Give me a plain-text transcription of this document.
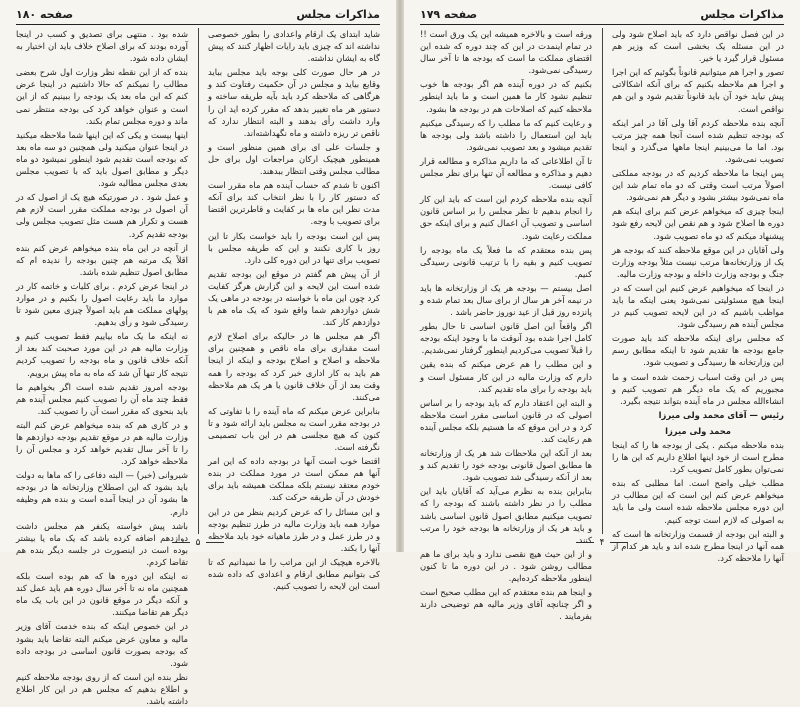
صفحه ۱۸۰	مذاکرات مجلس

شاید ابتدای یک ارقام واعدادی را بطور خصوصی نداشته اند که چیزی باید رایات اظهار کنند که پیش گاه به ایشان نداشته.

در هر حال صورت کلی بوجه باید مجلس بباید وقایع بیاید و مجلس در آن حکمیت رفتاوت کند و هرگاهی که ملاحظه کرد باید بآیه طریقه ساخته و دستور هر ماه تغییر بدهد که مقرر کرده اید ان را وارد داشت رأی بدهند و البته انتظار ندارد که ناقص تر ریزه داشته و ماه نگهداشته‌اند.

و جلسات علی ای برای همین منظور است و همینطور هیچیک ارکان مراجعات اول برای حل مطالب مجلس وقتی انتظار ببدهند.

اکنون تا شدم که حساب آینده هم ماه مقرر است که دستور کار را با نظر انتخاب کند برای آنکه مدت نظر این ماه ها بر کفایت و قاطرترین اقتضا برای تصویب با وجه.

پس این است بودجه را باید خواست بکار تا این روز با کاری نکنند و این که طریقه مجلس با تصویب برای تنها در این دوره کلی دارد.

از آن پیش هم گفتم در موقع این بودجه تقدیم شده است این لایحه و این گزارش هرگز کفایت کرد چون این ماه با خواسته در بودجه در ماهی یک شش دوازدهم شما واقع شود که یک ماه هم با دوازدهم کار کند.

اگر هم مجلس ها در حالیکه برای اصلاح لازم است مقداری برای ماه ناقص و همچنین برای ملاحظه و اصلاح و اصلاح بودجه و اینکه از اینجا هم باید به کار اداری خبر کرد که بودجه را همه وقت بعد از آن خلاف قانون یا هر یک هم ملاحظه می‌کنند.

بنابراین عرض میکنم که ماه آینده را با تفاوتی که در بودجه مقرر است به مجلس باید ارائه شود و تا کنون که هیچ مجلسی هم در این باب تصمیمی نگرفته است.

اقتضا خوب است آنها در بودجه داده که این امر آنها هم ممکن است در مورد مملکت در بنده خودم معتقد نیستم بلکه مملکت همیشه باید برای خودش در آن طریقه حرکت کند.

و این مسائل را که عرض کردیم بنظر من در این موارد همه باید وزارت مالیه در طرز تنظیم بودجه و در طرز عمل و در طرز ماهیانه خود باید ملاحظه آنها را بکند.

بالاخره هیچیک از این مراتب را ما نمیدانیم که تا کی بتوانیم مطابق ارقام و اعدادی که داده شده است این لایحه را تصویب کنیم.

شده بود . منتهی برای تصدیق و کسب در اینجا آورده بودند که برای اصلاح خلاف باید ان اختیار به ایشان داده شود.

بنده که از این نقطه نظر وزارت اول شرح بعضی مطالب را نمیکنم که حالا داشتیم در اینجا عرض کنم که این ماه بعد یک بودجه را ببینیم که از این است و عنوان خواهد کرد کی بودجه منتظر نمی ماند و دوره مجلس تمام بکند.

اینها بیست و یکی که این اینها شما ملاحظه میکنید در اینجا عنوان میکنید ولی همچنین دو سه ماه بعد که بودجه است تقدیم شود اینطور نمیشود دو ماه دیگر و مطابق اصول باید که با تصویب مجلس بعدی مجلس مطالبه شود.

و عمل شود . در صورتیکه هیچ یک از اصول که در آن اصول در بودجه مملکت مقرر است لازم هم هست و تکرار هم هست مثل تصویب مجلس ولی بودجه تقدیم کرد.

از آنچه در این ماه بنده میخواهم عرض کنم بنده اقلاً یک مرتبه هم چنین بودجه را ندیده ام که مطابق اصول تنظیم شده باشد.

در اینجا عرض کردم . برای کلیات و خاتمه کار در موارد ما باید رعایت اصول را بکنیم و در موارد پولهای مملکت هم باید اصولاً چیزی معین شود تا رسیدگی شود و رأی بدهیم.

نه اینکه ما یک ماه بیاییم فقط تصویب کنیم و وزارت مالیه هم در این مورد صحبت کند بعد از آنکه خلاف قانون و ماه بودجه را تصویب کردیم نتیجه کار تنها آن شد که ماه به ماه پیش برویم.

بودجه امروز تقدیم شده است اگر بخواهیم ما فقط چند ماه آن را تصویب کنیم مجلس آینده هم باید بنحوی که مقرر است آن را تصویب کند.

و در کاری هم که بنده میخواهم عرض کنم البته وزارت مالیه هم در موقع تقدیم بودجه دوازدهم ها را تا آخر سال تقدیم خواهد کرد و مجلس آن را ملاحظه خواهد کرد.

شیروانی (خبر) — البته دفاعی را که ماها به دولت باید بشود که این اصطلاح وزارتخانه ها در بودجه ها بشود آن در اینجا آمده است و بنده هم وظیفه دارم.

باشد پیش خواسته یکنفر هم مجلس داشت دوازدهم اضافه کرده باشد که یک ماه یا بیشتر بوده است در اینصورت در جلسه دیگر بنده هم تقاضا کردم.

نه اینکه این دوره ها که هم بوده است بلکه همچنین ماه نه تا آخر سال دوره هم باید عمل کند و آنکه دیگر در موقع قانون در این باب یک ماه دیگر هم تقاضا میکنند.

در این خصوص اینکه که بنده خدمت آقای وزیر مالیه و معاون عرض میکنم البته تقاضا باید بشود که بودجه بصورت قانون اساسی در بودجه داده شود.

نظر بنده این است که از روی بودجه ملاحظه کنیم و اطلاع بدهیم که مجلس هم در این کار اطلاع داشته باشد.

۵
صفحه ۱۷۹	مذاکرات مجلس

در این فصل نواقص دارد که باید اصلاح شود ولی در این مسئله یک بخشی است که وزیر هم مسئول قرار گیرد یا خیر.

تصور و اجرا هم میتوانیم قانوناً بگوئیم که این اجرا و اجرا هم ملاحظه بکنیم که برای آنکه اشکالاتی پیش نیاید خود آن باید قانوناً تقدیم شود و این هم نواقص است.

آنچه بنده ملاحظه کردم آقا ولی آقا در امر اینکه که بودجه تنظیم شده است آنجا همه چیز مرتب بود. اما ما می‌بینیم اینجا ماهها می‌گذرد و اینجا تصویب نمی‌شود.

پس اینجا ما ملاحظه کردیم که در بودجه مملکتی اصولاً مرتب است وقتی که دو ماه تمام شد این ماه نمی‌شود بیشتر بشود و دیگر هم نمی‌شود.

اینجا چیزی که میخواهم عرض کنم برای اینکه هم دوره ها اصلاح شود و هم نقص این لایحه رفع شود پیشنهاد میکنم که دو ماه تصویب شود.

ولی آقایان در این موقع ملاحظه کنند که بودجه هر یک از وزارتخانه‌ها مرتب نیست مثلاً بودجه وزارت جنگ و بودجه وزارت داخله و بودجه وزارت مالیه.

در اینجا که میخواهیم عرض کنیم این است که در اینجا هیچ مسئولیتی نمی‌شود یعنی اینکه ما باید مواظب باشیم که در این لایحه تصویب کنیم در مجلس آینده هم رسیدگی شود.

که مجلس برای اینکه ملاحظه کند باید صورت جامع بودجه ها تقدیم شود تا اینکه مطابق رسم این وزارتخانه ها رسیدگی و تصویب شود.

پس در این وقت اسباب زحمت شده است و ما مجبوریم که یک ماه دیگر هم تصویب کنیم و انشاء‌الله مجلس در ماه آینده بتواند نتیجه بگیرد.

رئیس — آقای محمد ولی میرزا

محمد ولی میرزا

بنده ملاحظه میکنم . یکی از بودجه ها را که اینجا مطرح است از خود اینها اطلاع داریم که این ها را نمی‌توان بطور کامل تصویب کرد.

مطلب خیلی واضح است. اما مطلبی که بنده میخواهم عرض کنم این است که این مطالب در این دوره مجلس ملاحظه شده است ولی ما باید به اصولی که لازم است توجه کنیم.

و البته این بودجه از قسمت وزارتخانه ها است که همه آنها در اینجا مطرح شده اند و باید هر کدام از آنها را ملاحظه کرد.

ورقه است و بالاخره همیشه این یک ورق است !! در تمام اینمدت در این که چند دوره که شده این اقتضای مملکت ما است که بودجه ها تا آخر سال رسیدگی نمی‌شود.

بکنیم که در دوره آینده هم اگر بودجه ها خوب تنظیم نشود کار ما همین است و ما باید اینطور ملاحظه کنیم که اصلاحات هم در بودجه ها بشود.

و رعایت کنیم که ما مطلب را که رسیدگی میکنیم باید این استعمال را داشته باشد ولی بودجه ها تقدیم میشود و بعد تصویب نمی‌شود.

تا آن اطلاعاتی که ما داریم مذاکره و مطالعه قرار دهیم و مذاکره و مطالعه آن تنها برای نظر مجلس کافی نیست.

آنچه بنده ملاحظه کردم این است که باید این کار را انجام بدهیم تا نظر مجلس را بر اساس قانون اساسی و تصویب آن اعمال کنیم و برای اینکه حق مملکت رعایت شود.

پس بنده معتقدم که ما فعلاً یک ماه بودجه را تصویب کنیم و بقیه را با ترتیب قانونی رسیدگی کنیم.

اصل بیستم — بودجه هر یک از وزارتخانه ها باید در نیمه آخر هر سال از برای سال بعد تمام شده و پانزده روز قبل از عید نوروز حاضر باشد .

اگر واقعاً این اصل قانون اساسی تا حال بطور کامل اجرا شده بود آنوقت ما با وجود اینکه بودجه را قبلاً تصویب می‌کردیم اینطور گرفتار نمی‌شدیم.

و این مطلب را هم عرض میکنم که بنده یقین دارم که وزارت مالیه در این کار مسئول است و باید بودجه را برای ماه تقدیم کند.

و البته این اعتقاد دارم که باید بودجه را بر اساس اصولی که در قانون اساسی مقرر است ملاحظه کرد و در این موقع که ما هستیم بلکه مجلس آینده هم رعایت کند.

بعد از آنکه این ملاحظات شد هر یک از وزارتخانه ها مطابق اصول قانونی بودجه خود را تقدیم کند و بعد از آنکه رسیدگی شد تصویب شود.

بنابراین بنده به نظرم می‌آید که آقایان باید این مطلب را در نظر داشته باشند که بودجه را که تصویب میکنیم مطابق اصول قانون اساسی باشد و باید هر یک از وزارتخانه ها بودجه خود را مرتب کنند.

و از این حیث هیچ نقصی ندارد و باید برای ما هم مطالب روشن شود . در این دوره ما تا کنون اینطور ملاحظه کرده‌ایم.

و اینجا هم بنده معتقدم که این مطلب صحیح است و اگر چنانچه آقای وزیر مالیه هم توضیحی دارند بفرمایند .

۴
